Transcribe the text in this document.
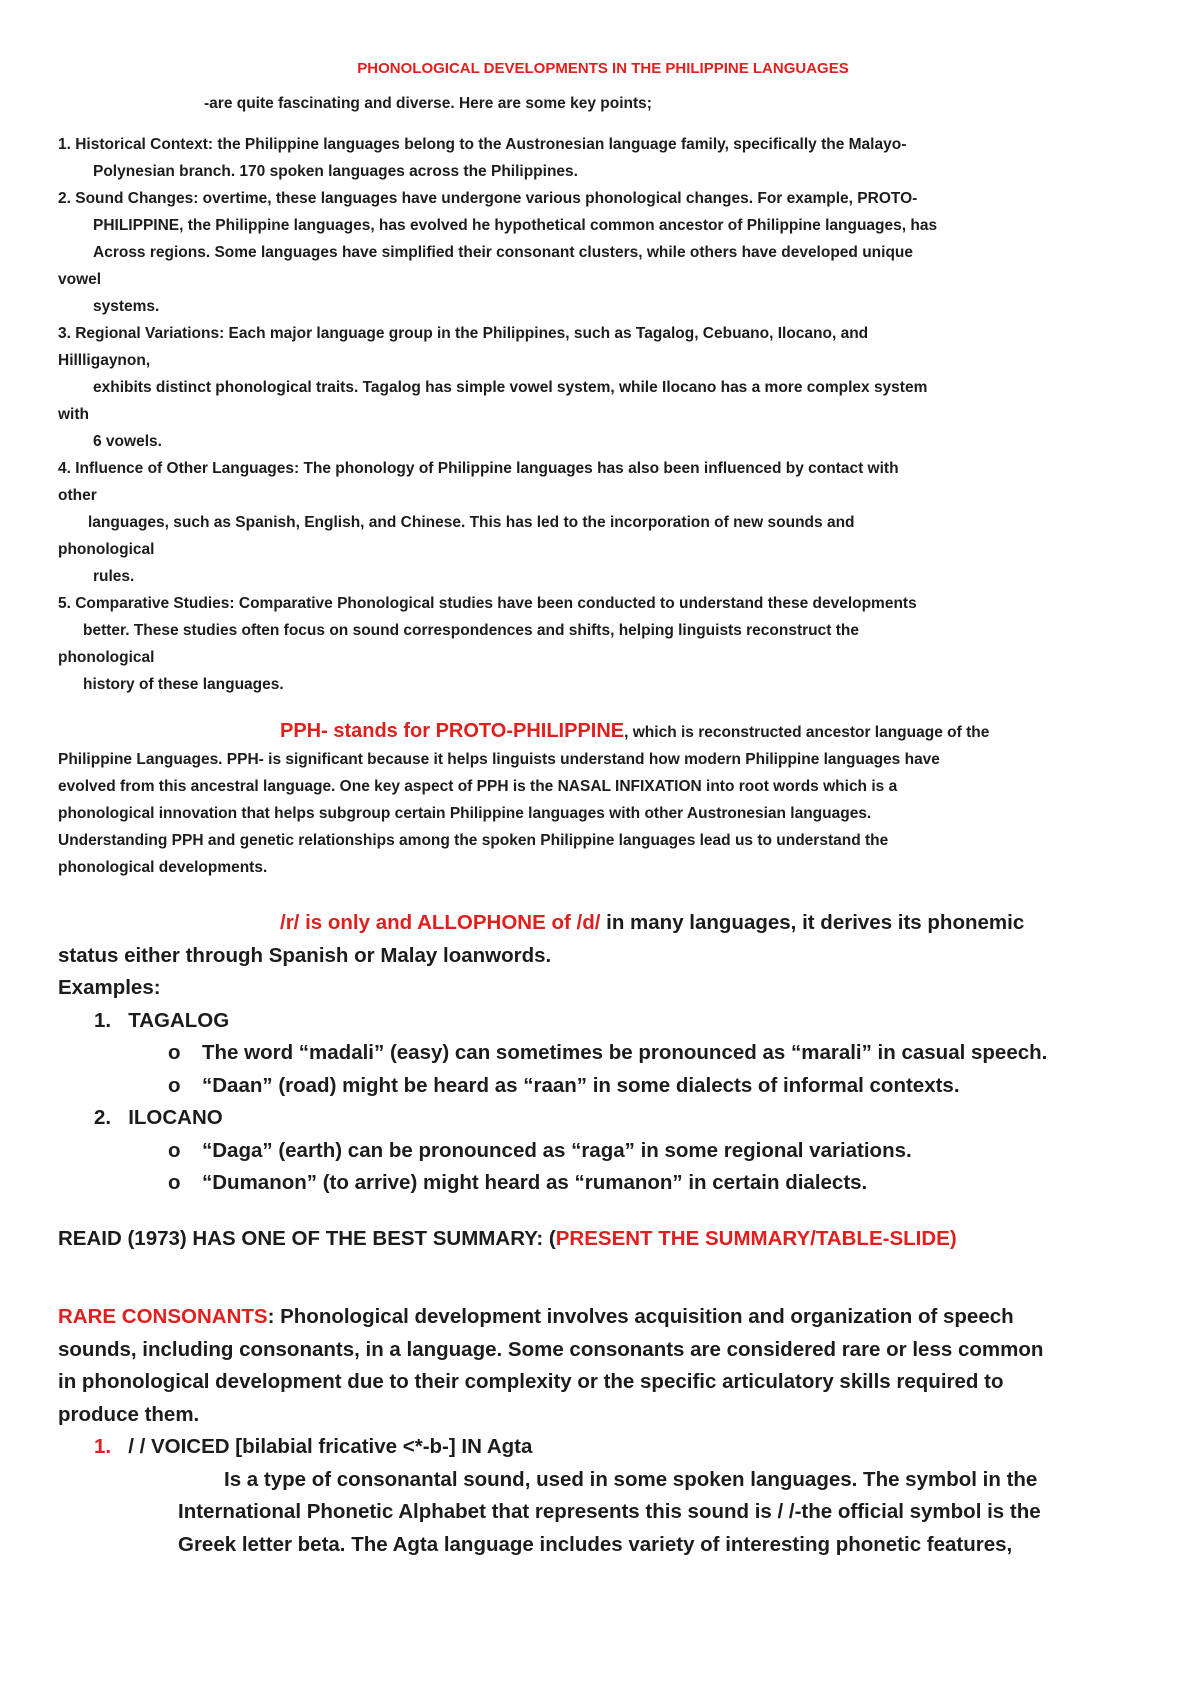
PHONOLOGICAL DEVELOPMENTS IN THE PHILIPPINE LANGUAGES

-are quite fascinating and diverse. Here are some key points;
1. Historical Context: the Philippine languages belong to the Austronesian language family, specifically the Malayo-
Polynesian branch. 170 spoken languages across the Philippines.
2. Sound Changes: overtime, these languages have undergone various phonological changes. For example, PROTO-
PHILIPPINE, the Philippine languages, has evolved he hypothetical common ancestor of Philippine languages, has
Across regions. Some languages have simplified their consonant clusters, while others have developed unique
vowel
systems.
3. Regional Variations: Each major language group in the Philippines, such as Tagalog, Cebuano, Ilocano, and
Hillligaynon,
exhibits distinct phonological traits. Tagalog has simple vowel system, while Ilocano has a more complex system
with
6 vowels.
4. Influence of Other Languages: The phonology of Philippine languages has also been influenced by contact with
other
languages, such as Spanish, English, and Chinese. This has led to the incorporation of new sounds and
phonological
rules.
5. Comparative Studies: Comparative Phonological studies have been conducted to understand these developments
better. These studies often focus on sound correspondences and shifts, helping linguists reconstruct the
phonological
history of these languages.
PPH- stands for PROTO-PHILIPPINE, which is reconstructed ancestor language of the
Philippine Languages. PPH- is significant because it helps linguists understand how modern Philippine languages have
evolved from this ancestral language. One key aspect of PPH is the NASAL INFIXATION into root words which is a
phonological innovation that helps subgroup certain Philippine languages with other Austronesian languages.
Understanding PPH and genetic relationships among the spoken Philippine languages lead us to understand the
phonological developments.
/r/ is only and ALLOPHONE of /d/ in many languages, it derives its phonemic
status either through Spanish or Malay loanwords.
Examples:
1. TAGALOG
o The word “madali” (easy) can sometimes be pronounced as “marali” in casual speech.
o “Daan” (road) might be heard as “raan” in some dialects of informal contexts.
2. ILOCANO
o “Daga” (earth) can be pronounced as “raga” in some regional variations.
o “Dumanon” (to arrive) might heard as “rumanon” in certain dialects.
REAID (1973) HAS ONE OF THE BEST SUMMARY: (PRESENT THE SUMMARY/TABLE-SLIDE)
RARE CONSONANTS: Phonological development involves acquisition and organization of speech
sounds, including consonants, in a language. Some consonants are considered rare or less common
in phonological development due to their complexity or the specific articulatory skills required to
produce them.
1. / / VOICED [bilabial fricative <*-b-] IN Agta
Is a type of consonantal sound, used in some spoken languages. The symbol in the
International Phonetic Alphabet that represents this sound is / /-the official symbol is the
Greek letter beta. The Agta language includes variety of interesting phonetic features,
